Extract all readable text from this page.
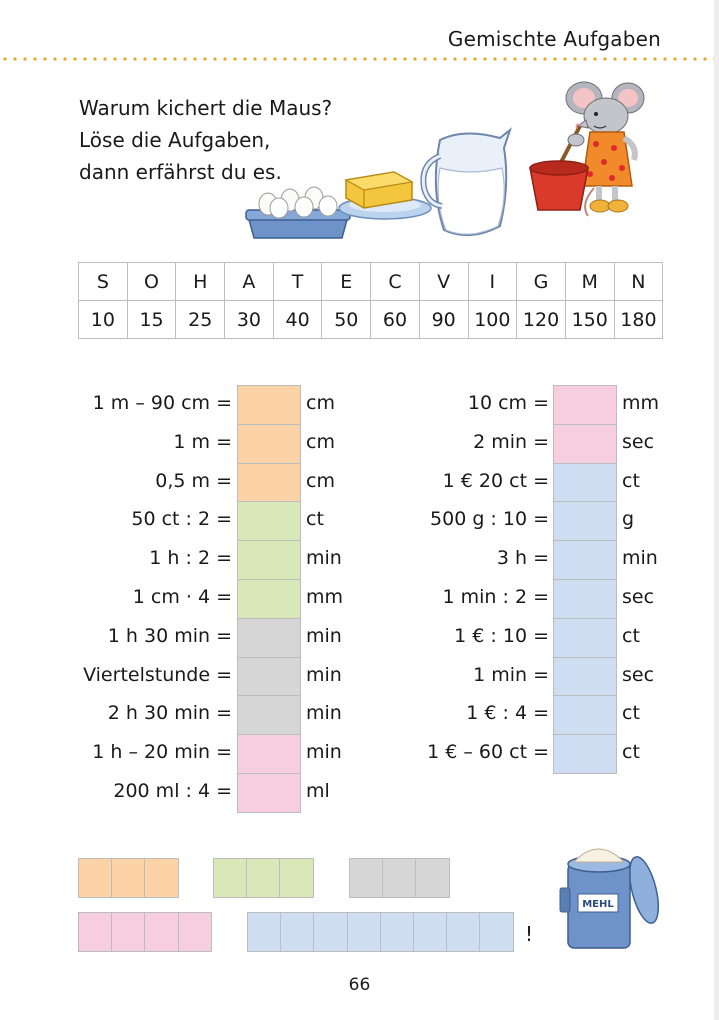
Gemischte Aufgaben
Warum kichert die Maus?
Löse die Aufgaben,
dann erfährst du es.
S	O	H	A	T	E	C	V	I	G	M	N
10	15	25	30	40	50	60	90	100	120	150	180
1 m – 90 cm =	cm
1 m =	cm
0,5 m =	cm
50 ct : 2 =	ct
1 h : 2 =	min
1 cm · 4 =	mm
1 h 30 min =	min
Viertelstunde =	min
2 h 30 min =	min
1 h – 20 min =	min
200 ml : 4 =	ml
10 cm =	mm
2 min =	sec
1 € 20 ct =	ct
500 g : 10 =	g
3 h =	min
1 min : 2 =	sec
1 € : 10 =	ct
1 min =	sec
1 € : 4 =	ct
1 € – 60 ct =	ct
!
MEHL
66
